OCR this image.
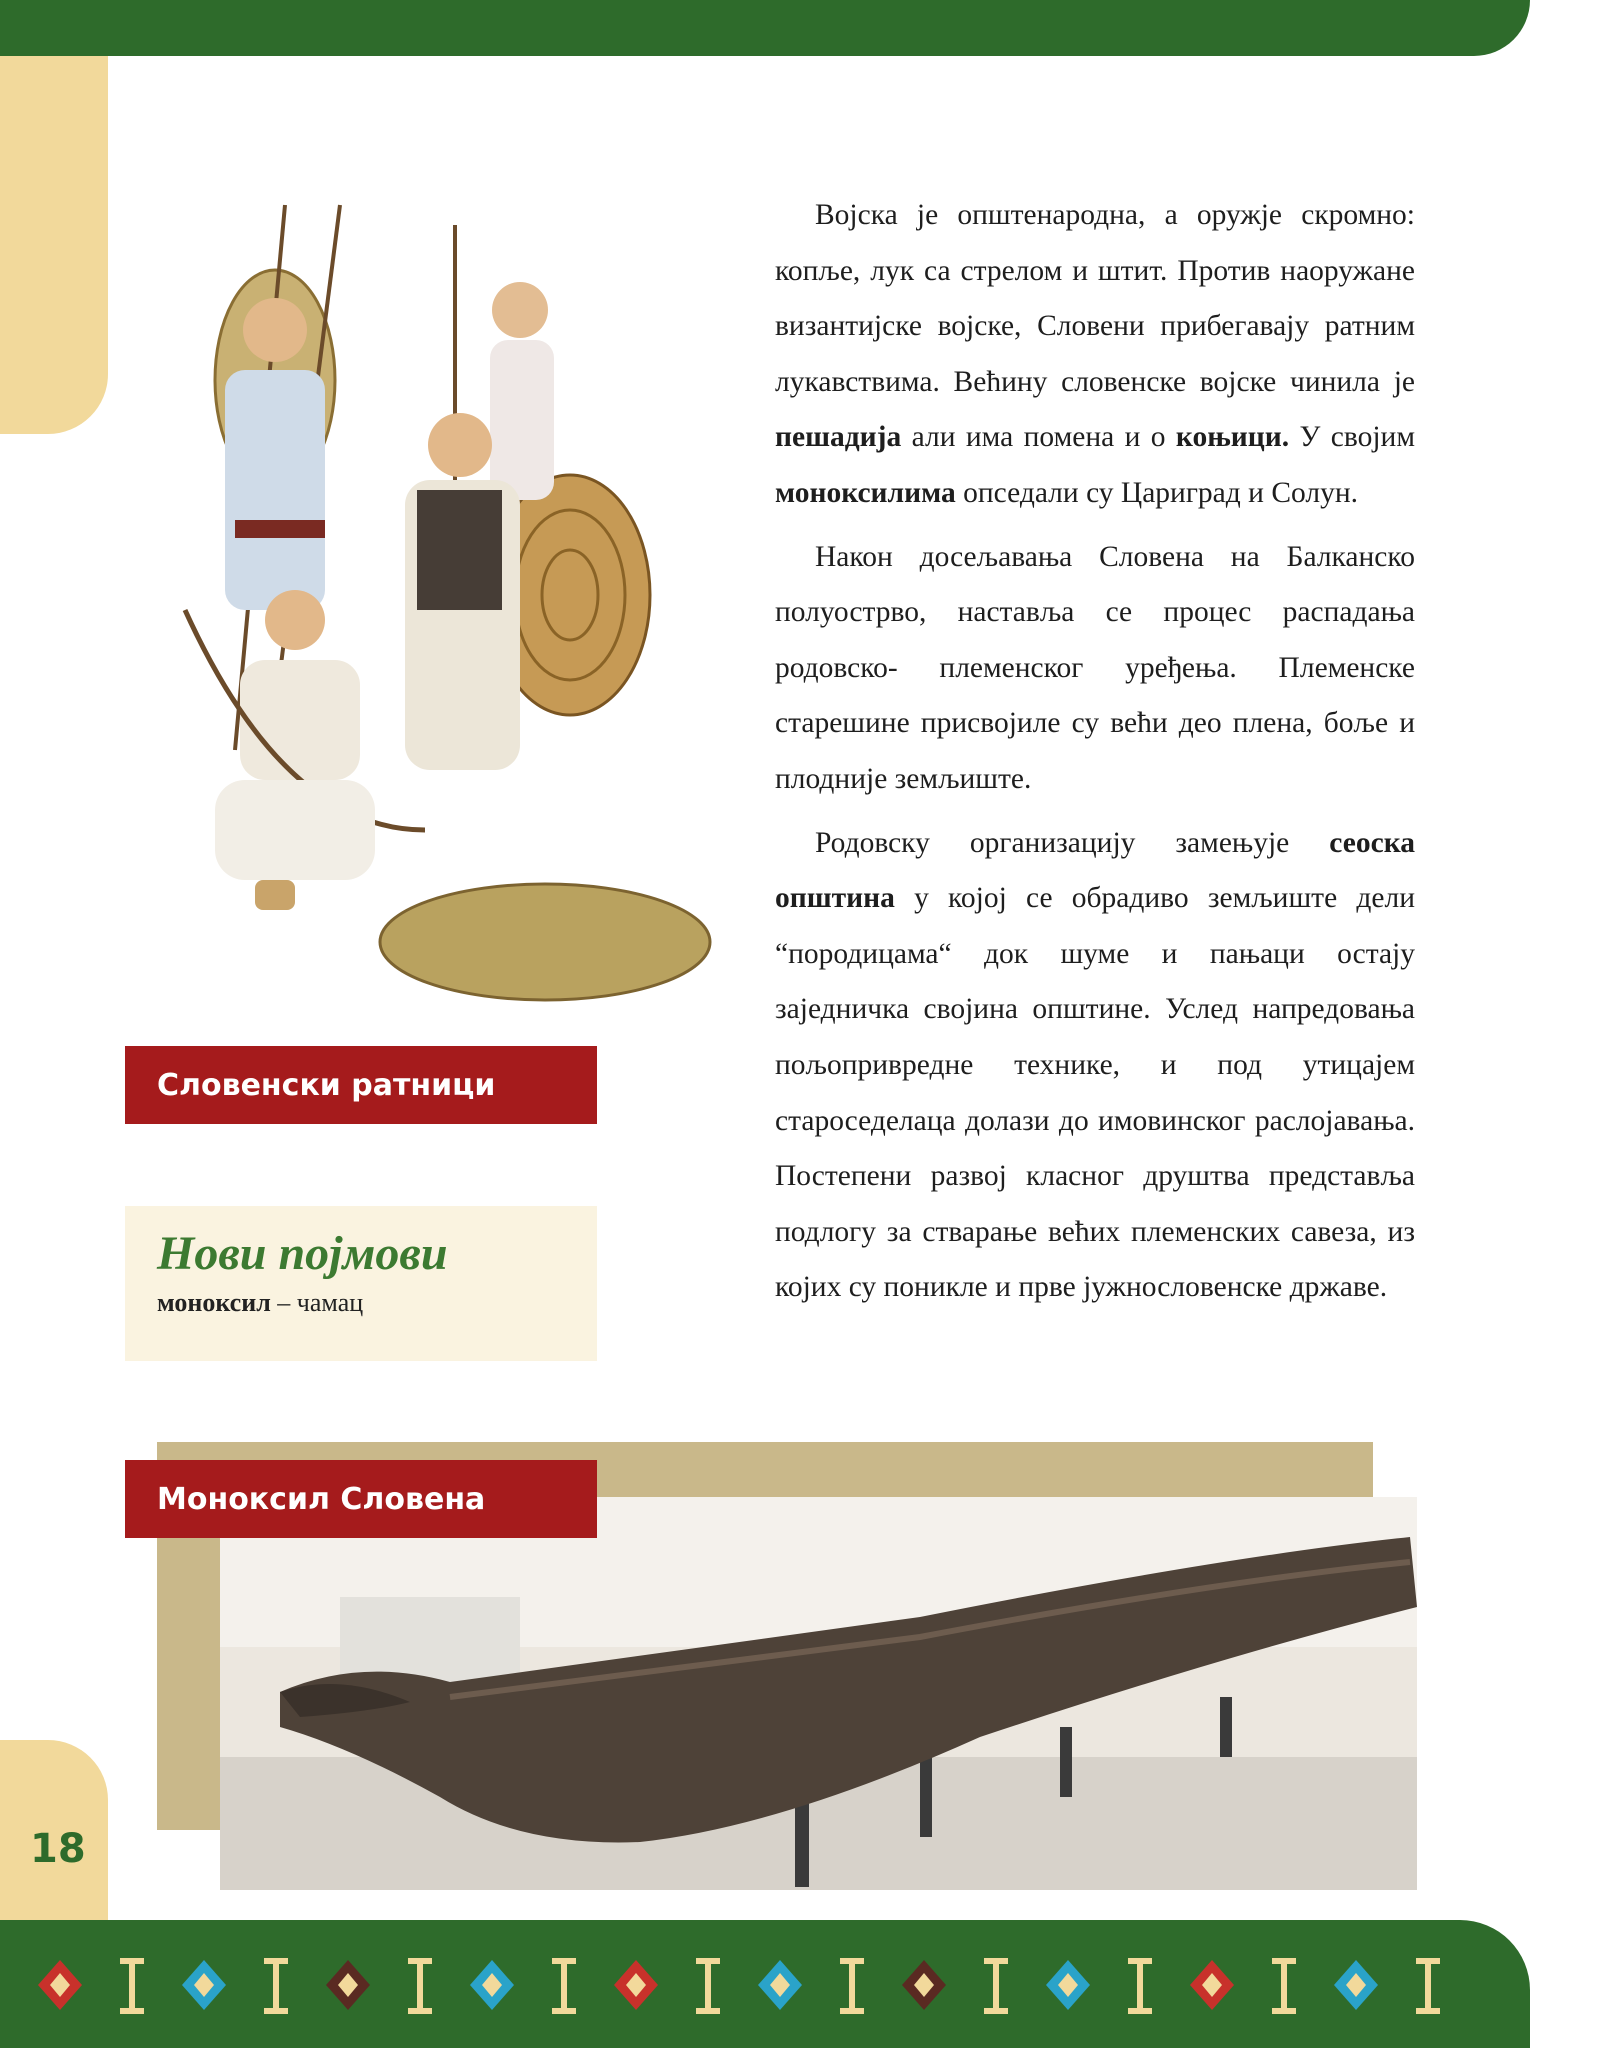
18
Словенски ратници
Нови појмови
моноксил – чамац

Војска је општенародна, а оружје скромно: копље, лук са стрелом и штит. Против наоружане византијске војске, Словени прибегавају ратним лукавствима. Већину словенске војске чинила је пешадија али има помена и о коњици. У својим моноксилима опседали су Цариград и Солун.

Након досељавања Словена на Балканско полуострво, наставља се процес распадања родовско- племенског уређења. Племенске старешине присвојиле су већи део плена, боље и плодније земљиште.

Родовску организацију замењује сеоска општина у којој се обрадиво земљиште дели “породицама“ док шуме и пањаци остају заједничка својина општине. Услед напредовања пољопривредне технике, и под утицајем староседелаца долази до имовинског раслојавања. Постепени развој класног друштва представља подлогу за стварање већих племенских савеза, из којих су поникле и прве јужнословенске државе.

Моноксил Словена
